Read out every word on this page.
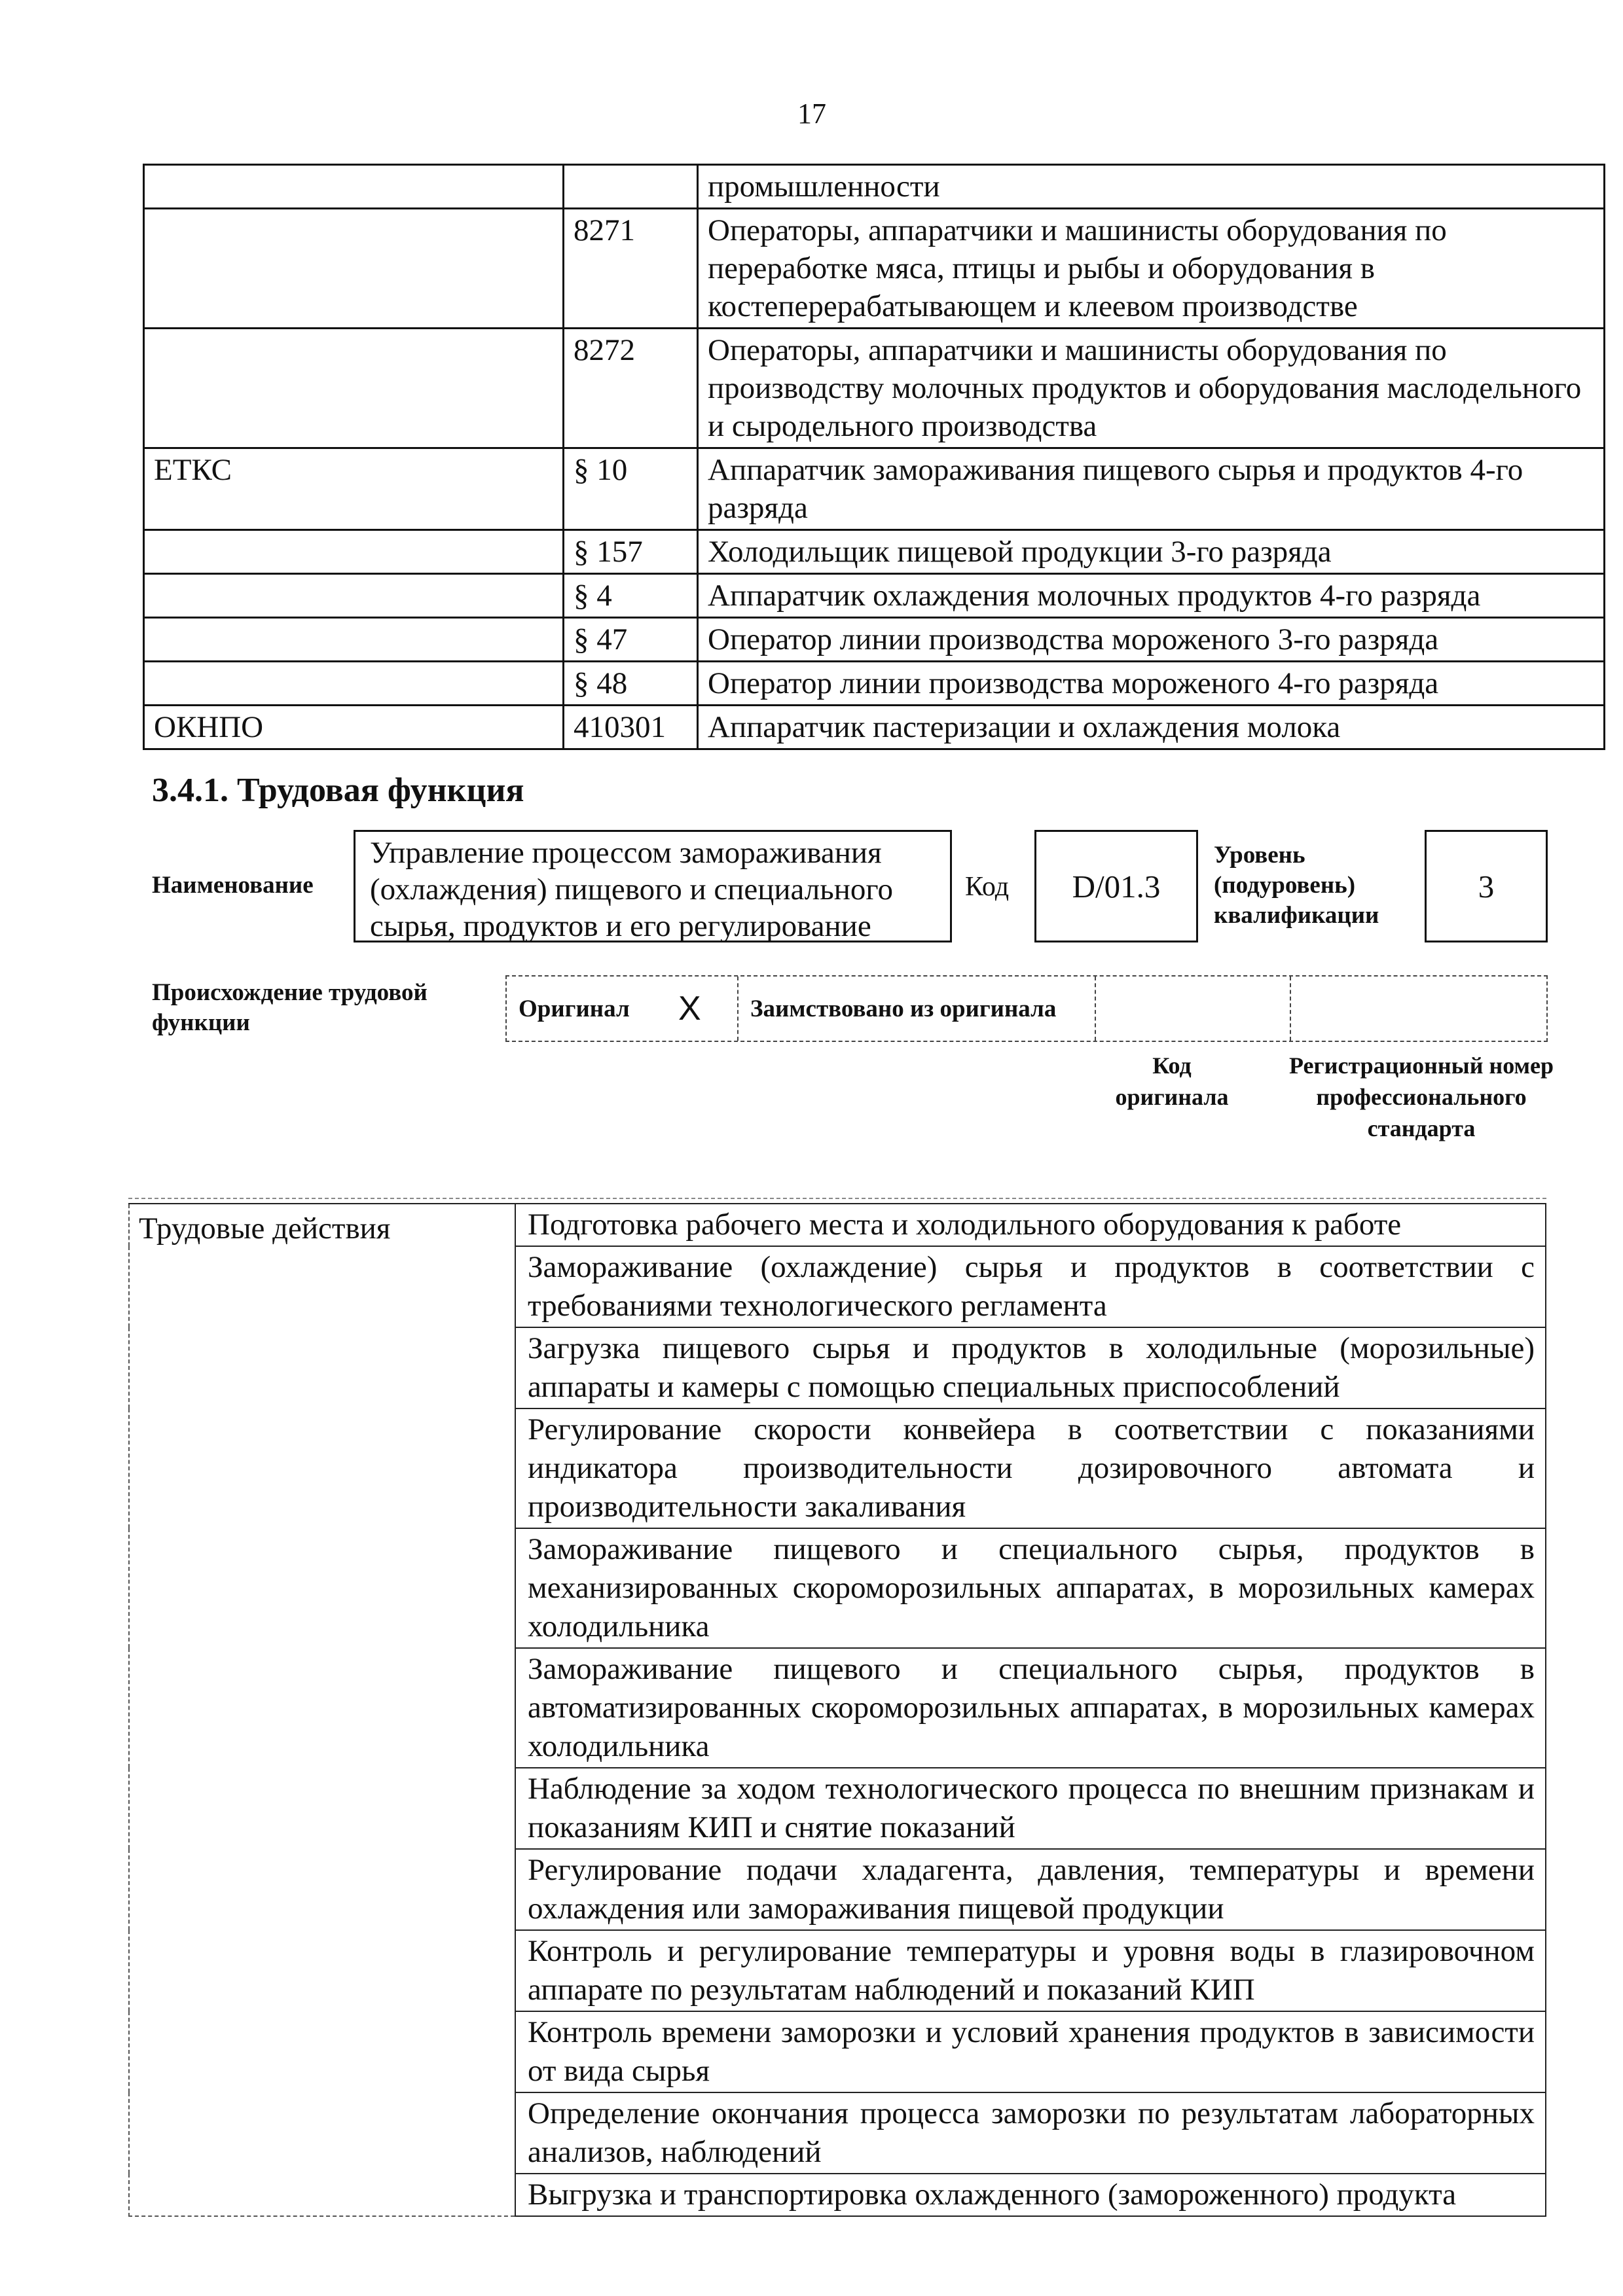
17
		промышленности
	8271	Операторы, аппаратчики и машинисты оборудования по переработке мяса, птицы и рыбы и оборудования в костеперерабатывающем и клеевом производстве
	8272	Операторы, аппаратчики и машинисты оборудования по производству молочных продуктов и оборудования маслодельного и сыродельного производства
ЕТКС	§ 10	Аппаратчик замораживания пищевого сырья и продуктов 4-го разряда
	§ 157	Холодильщик пищевой продукции 3-го разряда
	§ 4	Аппаратчик охлаждения молочных продуктов 4-го разряда
	§ 47	Оператор линии производства мороженого 3-го разряда
	§ 48	Оператор линии производства мороженого 4-го разряда
ОКНПО	410301	Аппаратчик пастеризации и охлаждения молока
3.4.1. Трудовая функция
Наименование
Управление процессом замораживания (охлаждения) пищевого и специального сырья, продуктов и его регулирование
Код	D/01.3
Уровень (подуровень) квалификации
3
Происхождение трудовой функции
Оригинал	X	Заимствовано из оригинала
Код оригинала
Регистрационный номер профессионального стандарта
Трудовые действия	Подготовка рабочего места и холодильного оборудования к работе
Замораживание (охлаждение) сырья и продуктов в соответствии с требованиями технологического регламента
Загрузка пищевого сырья и продуктов в холодильные (морозильные) аппараты и камеры с помощью специальных приспособлений
Регулирование скорости конвейера в соответствии с показаниями индикатора производительности дозировочного автомата и производительности закаливания
Замораживание пищевого и специального сырья, продуктов в механизированных скороморозильных аппаратах, в морозильных камерах холодильника
Замораживание пищевого и специального сырья, продуктов в автоматизированных скороморозильных аппаратах, в морозильных камерах холодильника
Наблюдение за ходом технологического процесса по внешним признакам и показаниям КИП и снятие показаний
Регулирование подачи хладагента, давления, температуры и времени охлаждения или замораживания пищевой продукции
Контроль и регулирование температуры и уровня воды в глазировочном аппарате по результатам наблюдений и показаний КИП
Контроль времени заморозки и условий хранения продуктов в зависимости от вида сырья
Определение окончания процесса заморозки по результатам лабораторных анализов, наблюдений
Выгрузка и транспортировка охлажденного (замороженного) продукта
